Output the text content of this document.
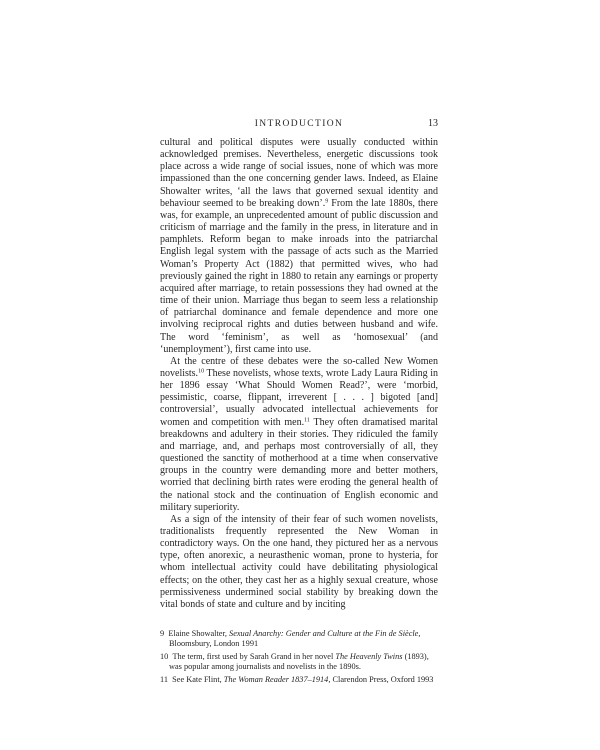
INTRODUCTION	13

cultural and political disputes were usually conducted within acknowledged premises. Nevertheless, energetic discussions took place across a wide range of social issues, none of which was more impassioned than the one concerning gender laws. Indeed, as Elaine Showalter writes, ‘all the laws that governed sexual identity and behaviour seemed to be breaking down’.$^9$ From the late 1880s, there was, for example, an unprecedented amount of public discussion and criticism of marriage and the family in the press, in literature and in pamphlets. Reform began to make inroads into the patriarchal English legal system with the passage of acts such as the Married Woman’s Property Act (1882) that permitted wives, who had previously gained the right in 1880 to retain any earnings or property acquired after marriage, to retain possessions they had owned at the time of their union. Marriage thus began to seem less a relationship of patriarchal dominance and female dependence and more one involving reciprocal rights and duties between husband and wife. The word ‘feminism’, as well as ‘homosexual’ (and ‘unemployment’), first came into use.

At the centre of these debates were the so-called New Women novelists.$^{10}$ These novelists, whose texts, wrote Lady Laura Riding in her 1896 essay ‘What Should Women Read?’, were ‘morbid, pessimistic, coarse, flippant, irreverent [ . . . ] bigoted [and] controversial’, usually advocated intellectual achievements for women and competition with men.$^{11}$ They often dramatised marital breakdowns and adultery in their stories. They ridiculed the family and marriage, and, and perhaps most controversially of all, they questioned the sanctity of motherhood at a time when conservative groups in the country were demanding more and better mothers, worried that declining birth rates were eroding the general health of the national stock and the continuation of English economic and military superiority.

As a sign of the intensity of their fear of such women novelists, traditionalists frequently represented the New Woman in contradictory ways. On the one hand, they pictured her as a nervous type, often anorexic, a neurasthenic woman, prone to hysteria, for whom intellectual activity could have debilitating physiological effects; on the other, they cast her as a highly sexual creature, whose permissiveness undermined social stability by breaking down the vital bonds of state and culture and by inciting

9 Elaine Showalter, Sexual Anarchy: Gender and Culture at the Fin de Siècle, Bloomsbury, London 1991

10 The term, first used by Sarah Grand in her novel The Heavenly Twins (1893), was popular among journalists and novelists in the 1890s.

11 See Kate Flint, The Woman Reader 1837–1914, Clarendon Press, Oxford 1993
